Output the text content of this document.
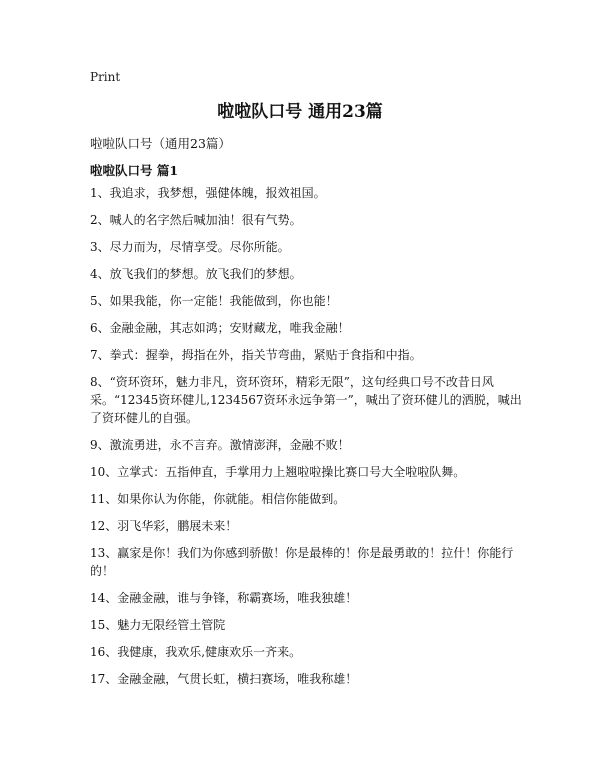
Print
啦啦队口号 通用23篇
啦啦队口号（通用23篇）
啦啦队口号 篇1
1、我追求，我梦想，强健体魄，报效祖国。
2、喊人的名字然后喊加油！很有气势。
3、尽力而为，尽情享受。尽你所能。
4、放飞我们的梦想。放飞我们的梦想。
5、如果我能，你一定能！我能做到，你也能！
6、金融金融，其志如鸿；安财藏龙，唯我金融！
7、拳式：握拳，拇指在外，指关节弯曲，紧贴于食指和中指。
8、“资环资环，魅力非凡，资环资环，精彩无限”，这句经典口号不改昔日风采。“12345资环健儿,1234567资环永远争第一”，喊出了资环健儿的洒脱，喊出了资环健儿的自强。
9、激流勇进，永不言弃。激情澎湃，金融不败！
10、立掌式：五指伸直，手掌用力上翘啦啦操比赛口号大全啦啦队舞。
11、如果你认为你能，你就能。相信你能做到。
12、羽飞华彩，鹏展未来！
13、赢家是你！我们为你感到骄傲！你是最棒的！你是最勇敢的！拉什！你能行的！
14、金融金融，谁与争锋，称霸赛场，唯我独雄！
15、魅力无限经管土管院
16、我健康，我欢乐,健康欢乐一齐来。
17、金融金融，气贯长虹，横扫赛场，唯我称雄！
